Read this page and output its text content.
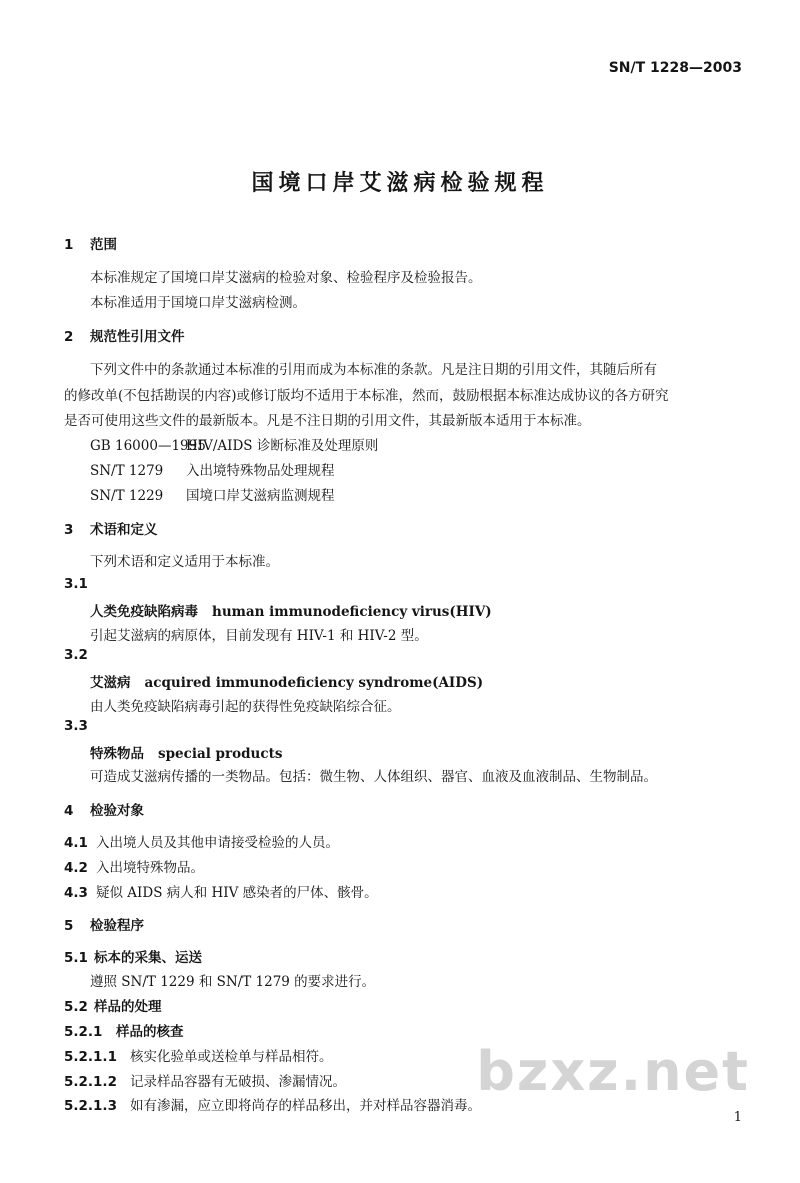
SN/T 1228—2003
国境口岸艾滋病检验规程
1 范围
本标准规定了国境口岸艾滋病的检验对象、检验程序及检验报告。
本标准适用于国境口岸艾滋病检测。
2 规范性引用文件
下列文件中的条款通过本标准的引用而成为本标准的条款。凡是注日期的引用文件，其随后所有
的修改单(不包括勘误的内容)或修订版均不适用于本标准，然而，鼓励根据本标准达成协议的各方研究
是否可使用这些文件的最新版本。凡是不注日期的引用文件，其最新版本适用于本标准。
GB 16000—1995HIV/AIDS 诊断标准及处理原则
SN/T 1279 入出境特殊物品处理规程
SN/T 1229 国境口岸艾滋病监测规程
3 术语和定义
下列术语和定义适用于本标准。
3.1
人类免疫缺陷病毒 human immunodeficiency virus(HIV)
引起艾滋病的病原体，目前发现有 HIV-1 和 HIV-2 型。
3.2
艾滋病 acquired immunodeficiency syndrome(AIDS)
由人类免疫缺陷病毒引起的获得性免疫缺陷综合征。
3.3
特殊物品 special products
可造成艾滋病传播的一类物品。包括：微生物、人体组织、器官、血液及血液制品、生物制品。
4 检验对象
4.1 入出境人员及其他申请接受检验的人员。
4.2 入出境特殊物品。
4.3 疑似 AIDS 病人和 HIV 感染者的尸体、骸骨。
5 检验程序
5.1 标本的采集、运送
遵照 SN/T 1229 和 SN/T 1279 的要求进行。
5.2 样品的处理
5.2.1 样品的核查
5.2.1.1 核实化验单或送检单与样品相符。
5.2.1.2 记录样品容器有无破损、渗漏情况。
5.2.1.3 如有渗漏，应立即将尚存的样品移出，并对样品容器消毒。
bzxz.net
1
